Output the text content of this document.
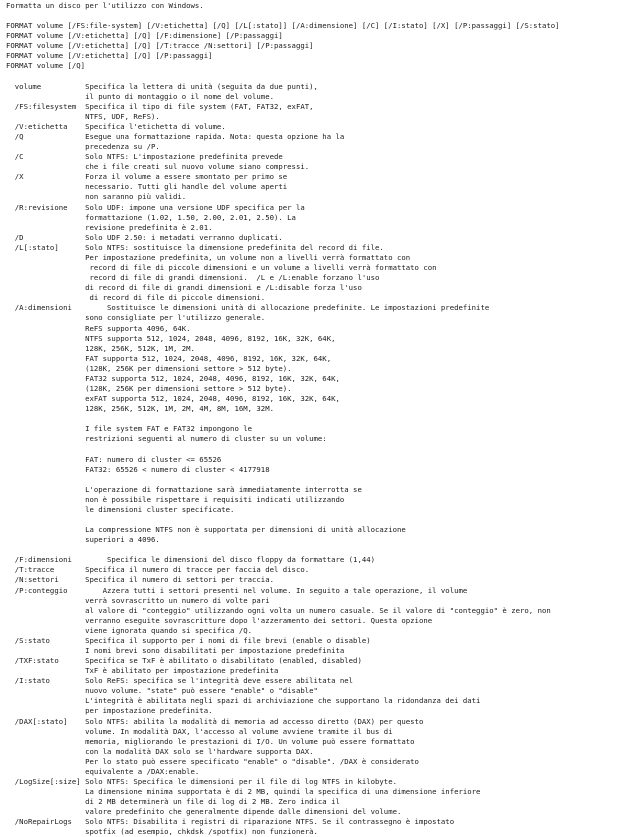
Formatta un disco per l'utilizzo con Windows.
FORMAT volume [/FS:file-system] [/V:etichetta] [/Q] [/L[:stato]] [/A:dimensione] [/C] [/I:stato] [/X] [/P:passaggi] [/S:stato]
FORMAT volume [/V:etichetta] [/Q] [/F:dimensione] [/P:passaggi]
FORMAT volume [/V:etichetta] [/Q] [/T:tracce /N:settori] [/P:passaggi]
FORMAT volume [/V:etichetta] [/Q] [/P:passaggi]
FORMAT volume [/Q]
volume          Specifica la lettera di unità (seguita da due punti),
il punto di montaggio o il nome del volume.
/FS:filesystem  Specifica il tipo di file system (FAT, FAT32, exFAT,
NTFS, UDF, ReFS).
/V:etichetta    Specifica l'etichetta di volume.
/Q              Esegue una formattazione rapida. Nota: questa opzione ha la
precedenza su /P.
/C              Solo NTFS: L'impostazione predefinita prevede
che i file creati sul nuovo volume siano compressi.
/X              Forza il volume a essere smontato per primo se
necessario. Tutti gli handle del volume aperti
non saranno più validi.
/R:revisione    Solo UDF: impone una versione UDF specifica per la
formattazione (1.02, 1.50, 2.00, 2.01, 2.50). La
revisione predefinita è 2.01.
/D              Solo UDF 2.50: i metadati verranno duplicati.
/L[:stato]      Solo NTFS: sostituisce la dimensione predefinita del record di file.
Per impostazione predefinita, un volume non a livelli verrà formattato con
record di file di piccole dimensioni e un volume a livelli verrà formattato con
record di file di grandi dimensioni.  /L e /L:enable forzano l'uso
di record di file di grandi dimensioni e /L:disable forza l'uso
di record di file di piccole dimensioni.
/A:dimensioni        Sostituisce le dimensioni unità di allocazione predefinite. Le impostazioni predefinite
sono consigliate per l'utilizzo generale.
ReFS supporta 4096, 64K.
NTFS supporta 512, 1024, 2048, 4096, 8192, 16K, 32K, 64K,
128K, 256K, 512K, 1M, 2M.
FAT supporta 512, 1024, 2048, 4096, 8192, 16K, 32K, 64K,
(128K, 256K per dimensioni settore > 512 byte).
FAT32 supporta 512, 1024, 2048, 4096, 8192, 16K, 32K, 64K,
(128K, 256K per dimensioni settore > 512 byte).
exFAT supporta 512, 1024, 2048, 4096, 8192, 16K, 32K, 64K,
128K, 256K, 512K, 1M, 2M, 4M, 8M, 16M, 32M.
I file system FAT e FAT32 impongono le
restrizioni seguenti al numero di cluster su un volume:
FAT: numero di cluster <= 65526
FAT32: 65526 < numero di cluster < 4177918
L'operazione di formattazione sarà immediatamente interrotta se
non è possibile rispettare i requisiti indicati utilizzando
le dimensioni cluster specificate.
La compressione NTFS non è supportata per dimensioni di unità allocazione
superiori a 4096.
/F:dimensioni        Specifica le dimensioni del disco floppy da formattare (1,44)
/T:tracce       Specifica il numero di tracce per faccia del disco.
/N:settori      Specifica il numero di settori per traccia.
/P:conteggio        Azzera tutti i settori presenti nel volume. In seguito a tale operazione, il volume
verrà sovrascritto un numero di volte pari
al valore di "conteggio" utilizzando ogni volta un numero casuale. Se il valore di "conteggio" è zero, non
verranno eseguite sovrascritture dopo l'azzeramento dei settori. Questa opzione
viene ignorata quando si specifica /Q.
/S:stato        Specifica il supporto per i nomi di file brevi (enable o disable)
I nomi brevi sono disabilitati per impostazione predefinita
/TXF:stato      Specifica se TxF è abilitato o disabilitato (enabled, disabled)
TxF è abilitato per impostazione predefinita
/I:stato        Solo ReFS: specifica se l'integrità deve essere abilitata nel
nuovo volume. "state" può essere "enable" o "disable"
L'integrità è abilitata negli spazi di archiviazione che supportano la ridondanza dei dati
per impostazione predefinita.
/DAX[:stato]    Solo NTFS: abilita la modalità di memoria ad accesso diretto (DAX) per questo
volume. In modalità DAX, l'accesso al volume avviene tramite il bus di
memoria, migliorando le prestazioni di I/O. Un volume può essere formattato
con la modalità DAX solo se l'hardware supporta DAX.
Per lo stato può essere specificato "enable" o "disable". /DAX è considerato
equivalente a /DAX:enable.
/LogSize[:size] Solo NTFS: Specifica le dimensioni per il file di log NTFS in kilobyte.
La dimensione minima supportata è di 2 MB, quindi la specifica di una dimensione inferiore
di 2 MB determinerà un file di log di 2 MB. Zero indica il
valore predefinito che generalmente dipende dalle dimensioni del volume.
/NoRepairLogs   Solo NTFS: Disabilita i registri di riparazione NTFS. Se il contrassegno è impostato
spotfix (ad esempio, chkdsk /spotfix) non funzionerà.
